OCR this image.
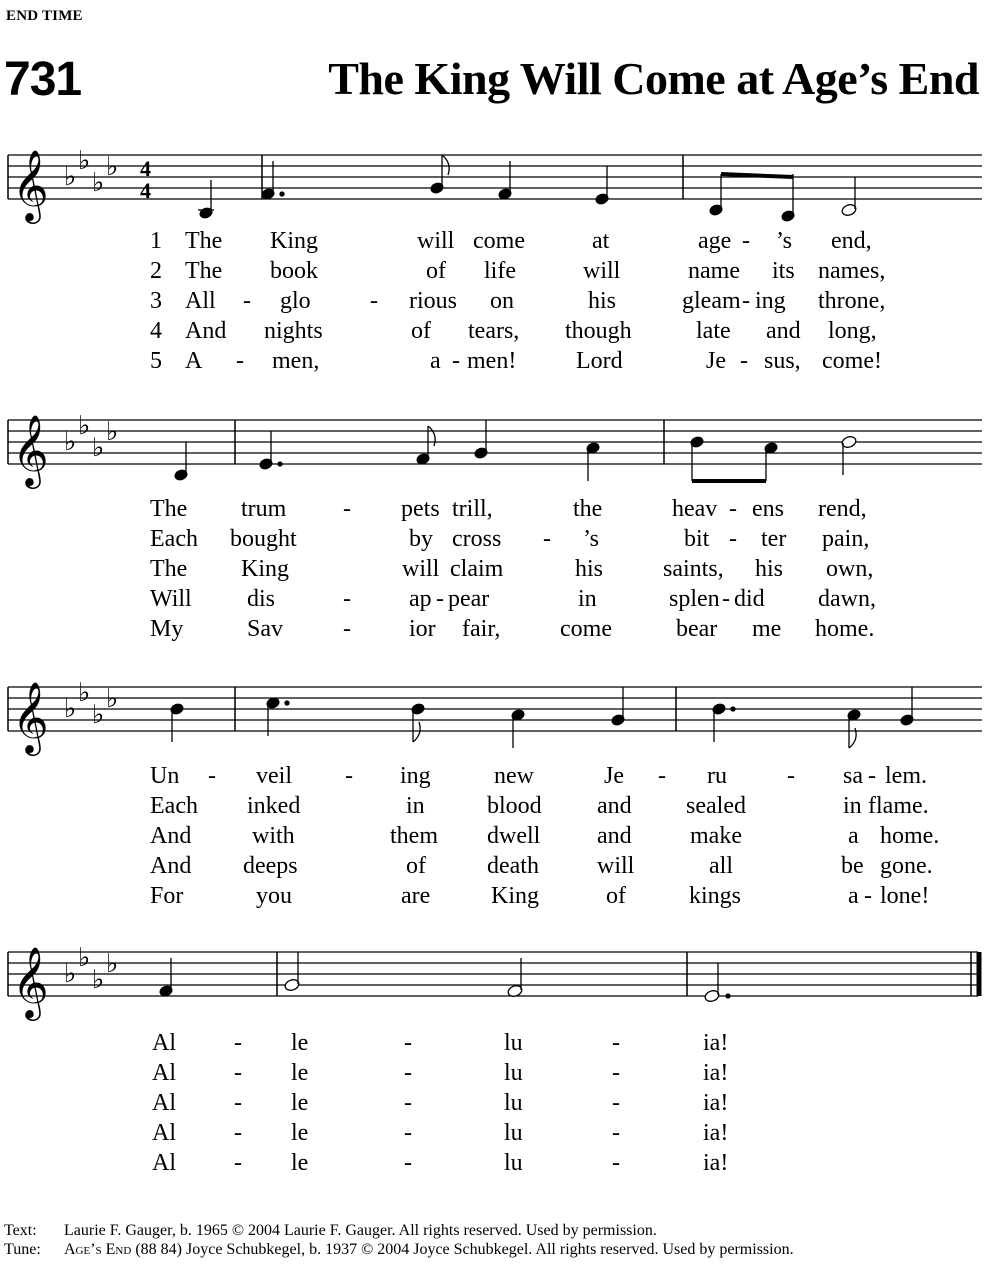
END TIME
731	The King Will Come at Age’s End
𝄞 ♭
♭
♭
♭ 4
4
1 The King	will come	at	age - ’s end,
2 The book	of life	will	name its names,
3 All - glo - rious on	his	gleam - ing throne,
4 And nights	of tears, though	late and long,
5 A - men,	a - men! Lord	Je - sus, come!
𝄞 ♭
♭
♭
♭
The trum - pets trill,	the	heav - ens rend,
Each bought	by cross - ’s	bit - ter pain,
The King	will claim	his saints, his own,
Will dis	- ap - pear	in	splen - did dawn,
My	Sav	- ior fair, come	bear me home.
𝄞 ♭
♭
♭
♭
Un - veil - ing	new	Je - ru	- sa - lem.
Each inked	in	blood and sealed	in flame.
And	with	them dwell and make	a home.
And deeps	of	death will	all	be gone.
For	you	are	King	of	kings	a - lone!
𝄞 ♭
♭
♭
♭
Al - le	-	lu	-	ia!
Al - le	-	lu	-	ia!
Al - le	-	lu	-	ia!
Al - le	-	lu	-	ia!
Al - le	-	lu	-	ia!
Text: Laurie F. Gauger, b. 1965 © 2004 Laurie F. Gauger. All rights reserved. Used by permission.
Tune: Age’s End (88 84) Joyce Schubkegel, b. 1937 © 2004 Joyce Schubkegel. All rights reserved. Used by permission.
